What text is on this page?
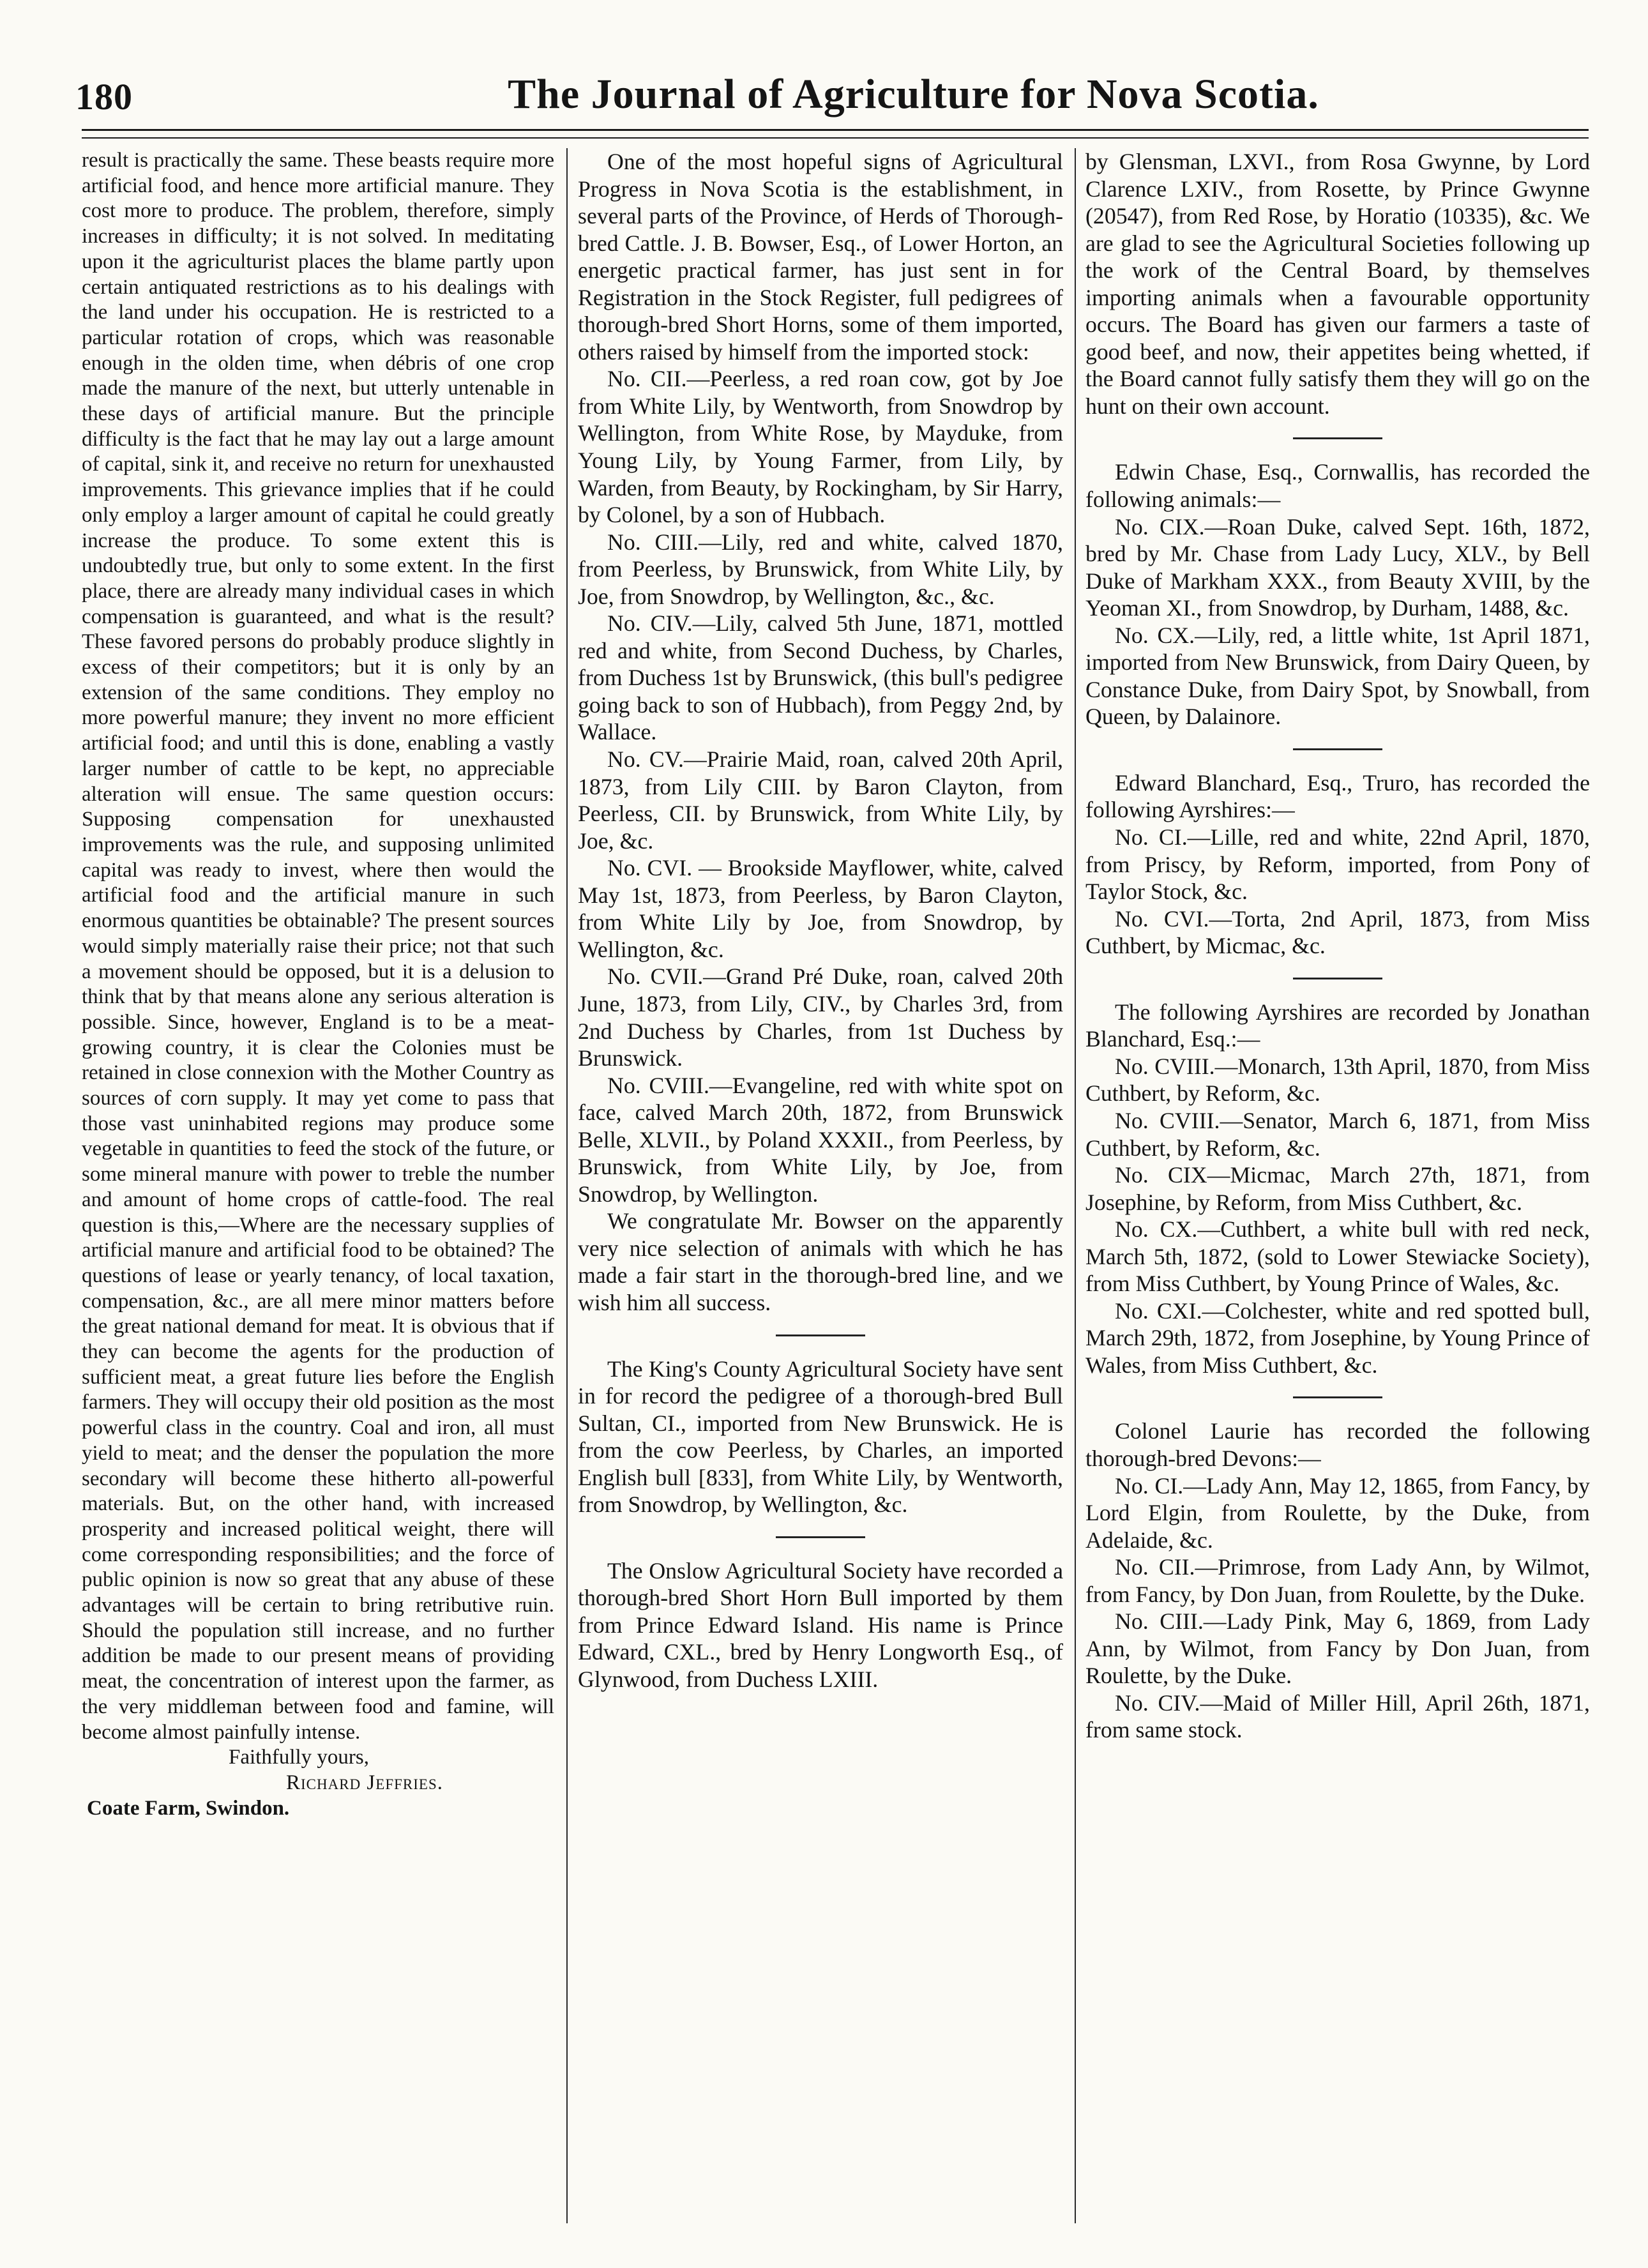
180	The Journal of Agriculture for Nova Scotia.

result is practically the same. These beasts require more artificial food, and hence more artificial manure. They cost more to produce. The problem, therefore, simply increases in difficulty; it is not solved. In meditating upon it the agriculturist places the blame partly upon certain antiquated restrictions as to his dealings with the land under his occupation. He is restricted to a particular rotation of crops, which was reasonable enough in the olden time, when débris of one crop made the manure of the next, but utterly untenable in these days of artificial manure. But the principle difficulty is the fact that he may lay out a large amount of capital, sink it, and receive no return for unexhausted improvements. This grievance implies that if he could only employ a larger amount of capital he could greatly increase the produce. To some extent this is undoubtedly true, but only to some extent. In the first place, there are already many individual cases in which compensation is guaranteed, and what is the result? These favored persons do probably produce slightly in excess of their competitors; but it is only by an extension of the same conditions. They employ no more powerful manure; they invent no more efficient artificial food; and until this is done, enabling a vastly larger number of cattle to be kept, no appreciable alteration will ensue. The same question occurs: Supposing compensation for unexhausted improvements was the rule, and supposing unlimited capital was ready to invest, where then would the artificial food and the artificial manure in such enormous quantities be obtainable? The present sources would simply materially raise their price; not that such a movement should be opposed, but it is a delusion to think that by that means alone any serious alteration is possible. Since, however, England is to be a meat-growing country, it is clear the Colonies must be retained in close connexion with the Mother Country as sources of corn supply. It may yet come to pass that those vast uninhabited regions may produce some vegetable in quantities to feed the stock of the future, or some mineral manure with power to treble the number and amount of home crops of cattle-food. The real question is this,—Where are the necessary supplies of artificial manure and artificial food to be obtained? The questions of lease or yearly tenancy, of local taxation, compensation, &c., are all mere minor matters before the great national demand for meat. It is obvious that if they can become the agents for the production of sufficient meat, a great future lies before the English farmers. They will occupy their old position as the most powerful class in the country. Coal and iron, all must yield to meat; and the denser the population the more secondary will become these hitherto all-powerful materials. But, on the other hand, with increased prosperity and increased political weight, there will come corresponding responsibilities; and the force of public opinion is now so great that any abuse of these advantages will be certain to bring retributive ruin. Should the population still increase, and no further addition be made to our present means of providing meat, the concentration of interest upon the farmer, as the very middleman between food and famine, will become almost painfully intense.

Faithfully yours,

Richard Jeffries.

Coate Farm, Swindon.

One of the most hopeful signs of Agricultural Progress in Nova Scotia is the establishment, in several parts of the Province, of Herds of Thorough-bred Cattle. J. B. Bowser, Esq., of Lower Horton, an energetic practical farmer, has just sent in for Registration in the Stock Register, full pedigrees of thorough-bred Short Horns, some of them imported, others raised by himself from the imported stock:

No. CII.—Peerless, a red roan cow, got by Joe from White Lily, by Wentworth, from Snowdrop by Wellington, from White Rose, by Mayduke, from Young Lily, by Young Farmer, from Lily, by Warden, from Beauty, by Rockingham, by Sir Harry, by Colonel, by a son of Hubbach.

No. CIII.—Lily, red and white, calved 1870, from Peerless, by Brunswick, from White Lily, by Joe, from Snowdrop, by Wellington, &c., &c.

No. CIV.—Lily, calved 5th June, 1871, mottled red and white, from Second Duchess, by Charles, from Duchess 1st by Brunswick, (this bull's pedigree going back to son of Hubbach), from Peggy 2nd, by Wallace.

No. CV.—Prairie Maid, roan, calved 20th April, 1873, from Lily CIII. by Baron Clayton, from Peerless, CII. by Brunswick, from White Lily, by Joe, &c.

No. CVI. — Brookside Mayflower, white, calved May 1st, 1873, from Peerless, by Baron Clayton, from White Lily by Joe, from Snowdrop, by Wellington, &c.

No. CVII.—Grand Pré Duke, roan, calved 20th June, 1873, from Lily, CIV., by Charles 3rd, from 2nd Duchess by Charles, from 1st Duchess by Brunswick.

No. CVIII.—Evangeline, red with white spot on face, calved March 20th, 1872, from Brunswick Belle, XLVII., by Poland XXXII., from Peerless, by Brunswick, from White Lily, by Joe, from Snowdrop, by Wellington.

We congratulate Mr. Bowser on the apparently very nice selection of animals with which he has made a fair start in the thorough-bred line, and we wish him all success.

The King's County Agricultural Society have sent in for record the pedigree of a thorough-bred Bull Sultan, CI., imported from New Brunswick. He is from the cow Peerless, by Charles, an imported English bull [833], from White Lily, by Wentworth, from Snowdrop, by Wellington, &c.

The Onslow Agricultural Society have recorded a thorough-bred Short Horn Bull imported by them from Prince Edward Island. His name is Prince Edward, CXL., bred by Henry Longworth Esq., of Glynwood, from Duchess LXIII.

by Glensman, LXVI., from Rosa Gwynne, by Lord Clarence LXIV., from Rosette, by Prince Gwynne (20547), from Red Rose, by Horatio (10335), &c. We are glad to see the Agricultural Societies following up the work of the Central Board, by themselves importing animals when a favourable opportunity occurs. The Board has given our farmers a taste of good beef, and now, their appetites being whetted, if the Board cannot fully satisfy them they will go on the hunt on their own account.

Edwin Chase, Esq., Cornwallis, has recorded the following animals:—

No. CIX.—Roan Duke, calved Sept. 16th, 1872, bred by Mr. Chase from Lady Lucy, XLV., by Bell Duke of Markham XXX., from Beauty XVIII, by the Yeoman XI., from Snowdrop, by Durham, 1488, &c.

No. CX.—Lily, red, a little white, 1st April 1871, imported from New Brunswick, from Dairy Queen, by Constance Duke, from Dairy Spot, by Snowball, from Queen, by Dalainore.

Edward Blanchard, Esq., Truro, has recorded the following Ayrshires:—

No. CI.—Lille, red and white, 22nd April, 1870, from Priscy, by Reform, imported, from Pony of Taylor Stock, &c.

No. CVI.—Torta, 2nd April, 1873, from Miss Cuthbert, by Micmac, &c.

The following Ayrshires are recorded by Jonathan Blanchard, Esq.:—

No. CVIII.—Monarch, 13th April, 1870, from Miss Cuthbert, by Reform, &c.

No. CVIII.—Senator, March 6, 1871, from Miss Cuthbert, by Reform, &c.

No. CIX—Micmac, March 27th, 1871, from Josephine, by Reform, from Miss Cuthbert, &c.

No. CX.—Cuthbert, a white bull with red neck, March 5th, 1872, (sold to Lower Stewiacke Society), from Miss Cuthbert, by Young Prince of Wales, &c.

No. CXI.—Colchester, white and red spotted bull, March 29th, 1872, from Josephine, by Young Prince of Wales, from Miss Cuthbert, &c.

Colonel Laurie has recorded the following thorough-bred Devons:—

No. CI.—Lady Ann, May 12, 1865, from Fancy, by Lord Elgin, from Roulette, by the Duke, from Adelaide, &c.

No. CII.—Primrose, from Lady Ann, by Wilmot, from Fancy, by Don Juan, from Roulette, by the Duke.

No. CIII.—Lady Pink, May 6, 1869, from Lady Ann, by Wilmot, from Fancy by Don Juan, from Roulette, by the Duke.

No. CIV.—Maid of Miller Hill, April 26th, 1871, from same stock.
